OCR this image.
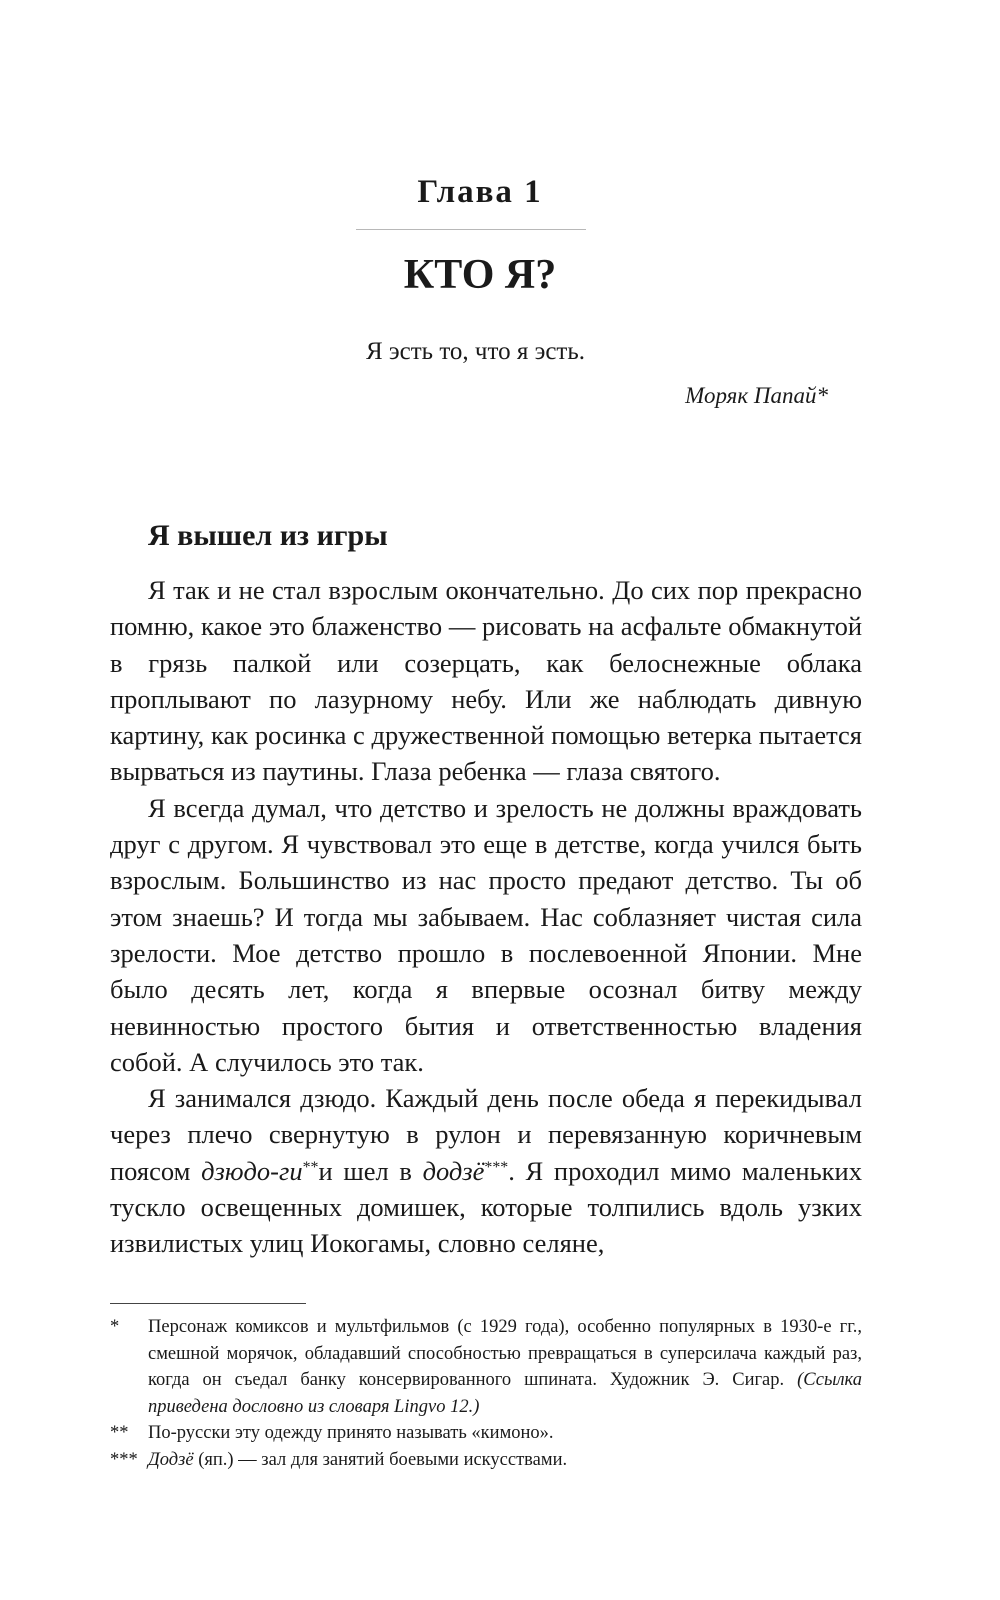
Глава 1
КТО Я?
Я эсть то, что я эсть.
Моряк Папай*
Я вышел из игры

Я так и не стал взрослым окончательно. До сих пор прекрасно помню, какое это блаженство — рисовать на асфальте обмакнутой в грязь палкой или созерцать, как белоснежные облака проплывают по лазурному небу. Или же наблюдать дивную картину, как росинка с дружественной помощью ветерка пытается вырваться из паутины. Глаза ребенка — глаза святого.

Я всегда думал, что детство и зрелость не должны враждовать друг с другом. Я чувствовал это еще в детстве, когда учился быть взрослым. Большинство из нас просто предают детство. Ты об этом знаешь? И тогда мы забываем. Нас соблазняет чистая сила зрелости. Мое детство прошло в послевоенной Японии. Мне было десять лет, когда я впервые осознал битву между невинностью простого бытия и ответственностью владения собой. А случилось это так.

Я занимался дзюдо. Каждый день после обеда я перекидывал через плечо свернутую в рулон и перевязанную коричневым поясом дзюдо-ги**и шел в додзё***. Я проходил мимо маленьких тускло освещенных домишек, которые толпились вдоль узких извилистых улиц Иокогамы, словно селяне,

* Персонаж комиксов и мультфильмов (с 1929 года), особенно популярных в 1930-е гг., смешной морячок, обладавший способностью превращаться в суперсилача каждый раз, когда он съедал банку консервированного шпината. Художник Э. Сигар. (Ссылка приведена дословно из словаря Lingvo 12.)
** По-русски эту одежду принято называть «кимоно».
*** Додзё (яп.) — зал для занятий боевыми искусствами.
